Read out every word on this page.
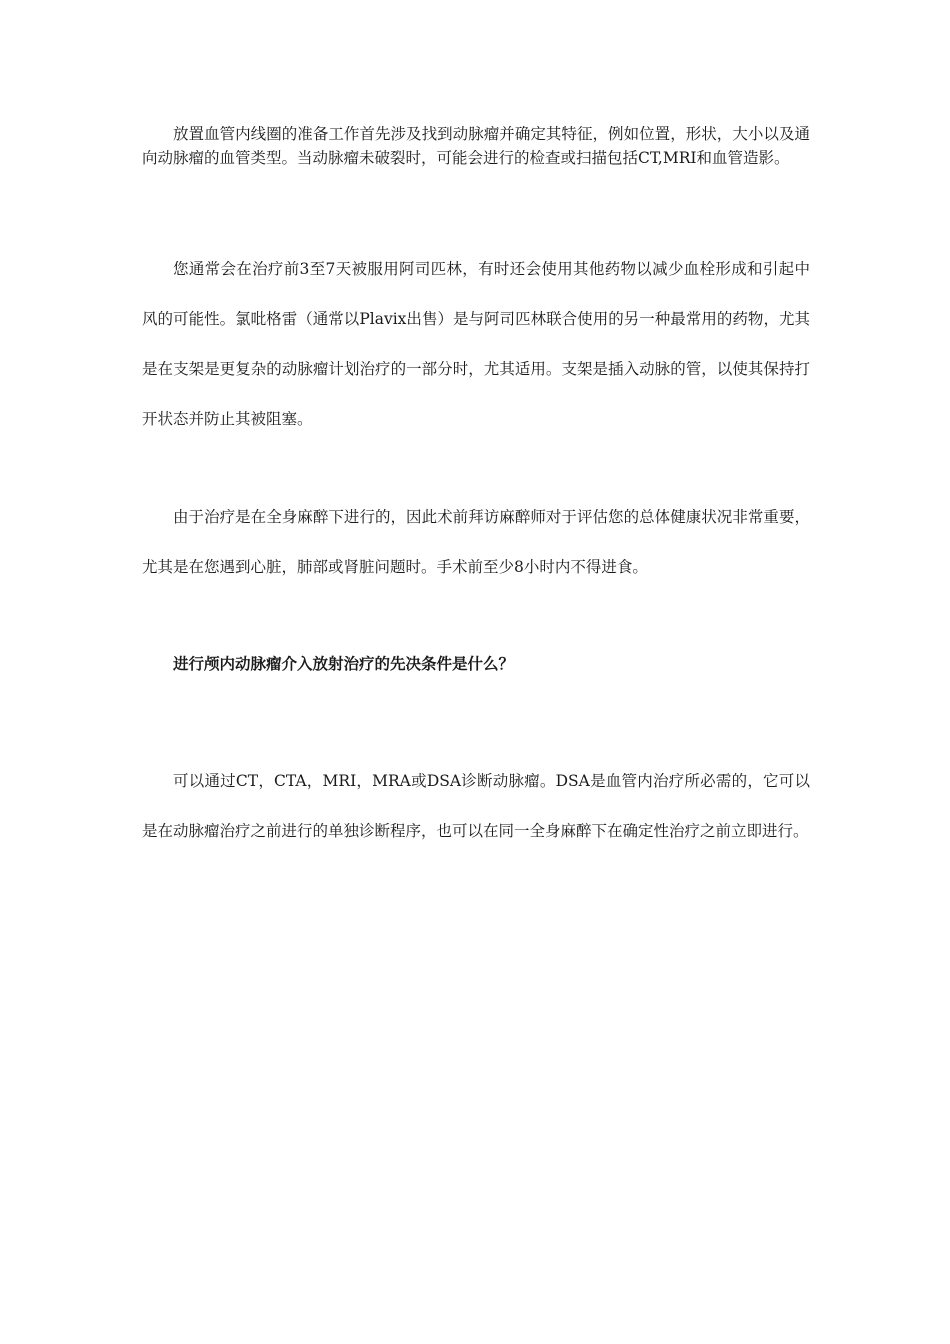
放置血管内线圈的准备工作首先涉及找到动脉瘤并确定其特征，例如位置，形状，大小以及通向动脉瘤的血管类型。当动脉瘤未破裂时，可能会进行的检查或扫描包括CT,MRI和血管造影。

您通常会在治疗前3至7天被服用阿司匹林，有时还会使用其他药物以减少血栓形成和引起中风的可能性。氯吡格雷（通常以Plavix出售）是与阿司匹林联合使用的另一种最常用的药物，尤其是在支架是更复杂的动脉瘤计划治疗的一部分时，尤其适用。支架是插入动脉的管，以使其保持打开状态并防止其被阻塞。

由于治疗是在全身麻醉下进行的，因此术前拜访麻醉师对于评估您的总体健康状况非常重要，尤其是在您遇到心脏，肺部或肾脏问题时。手术前至少8小时内不得进食。

进行颅内动脉瘤介入放射治疗的先决条件是什么？

可以通过CT，CTA，MRI，MRA或DSA诊断动脉瘤。DSA是血管内治疗所必需的，它可以是在动脉瘤治疗之前进行的单独诊断程序，也可以在同一全身麻醉下在确定性治疗之前立即进行。
